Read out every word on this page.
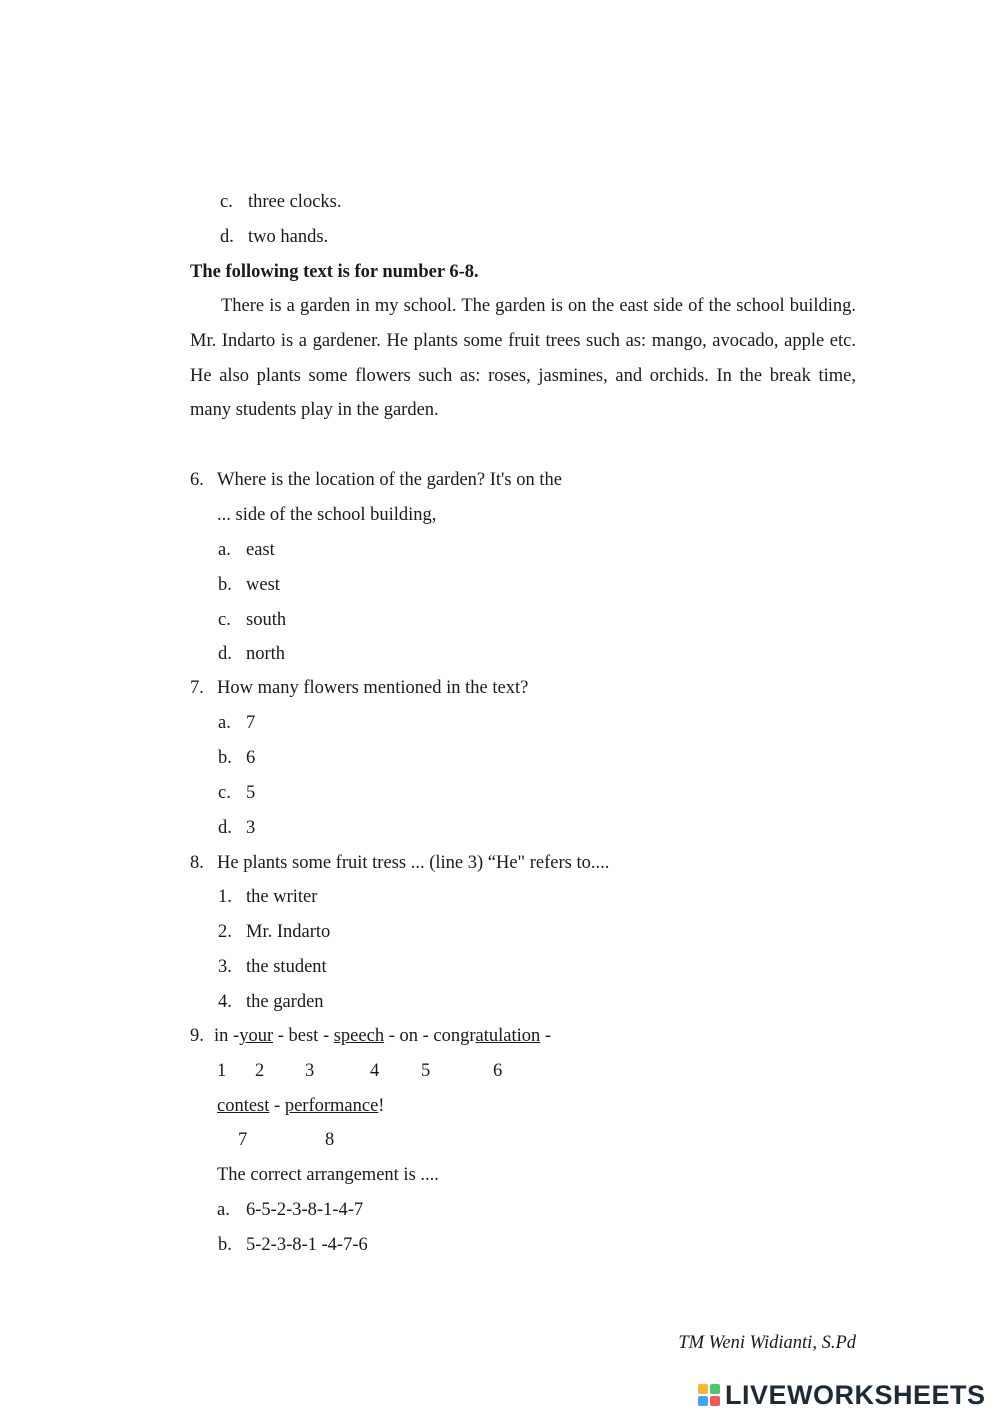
c. three clocks.
d. two hands.
The following text is for number 6-8.

There is a garden in my school. The garden is on the east side of the school building. Mr. Indarto is a gardener. He plants some fruit trees such as: mango, avocado, apple etc. He also plants some flowers such as: roses, jasmines, and orchids. In the break time, many students play in the garden.

6. Where is the location of the garden? It's on the
... side of the school building,
a. east
b. west
c. south
d. north
7. How many flowers mentioned in the text?
a. 7
b. 6
c. 5
d. 3
8. He plants some fruit tress ... (line 3) “He" refers to....
1. the writer
2. Mr. Indarto
3. the student
4. the garden
9. in -your - best - speech - on - congratulation -
1 2 3	4 5	6
contest - performance!
7	8
The correct arrangement is ....
a. 6-5-2-3-8-1-4-7
b. 5-2-3-8-1 -4-7-6
TM Weni Widianti, S.Pd
LIVEWORKSHEETS
